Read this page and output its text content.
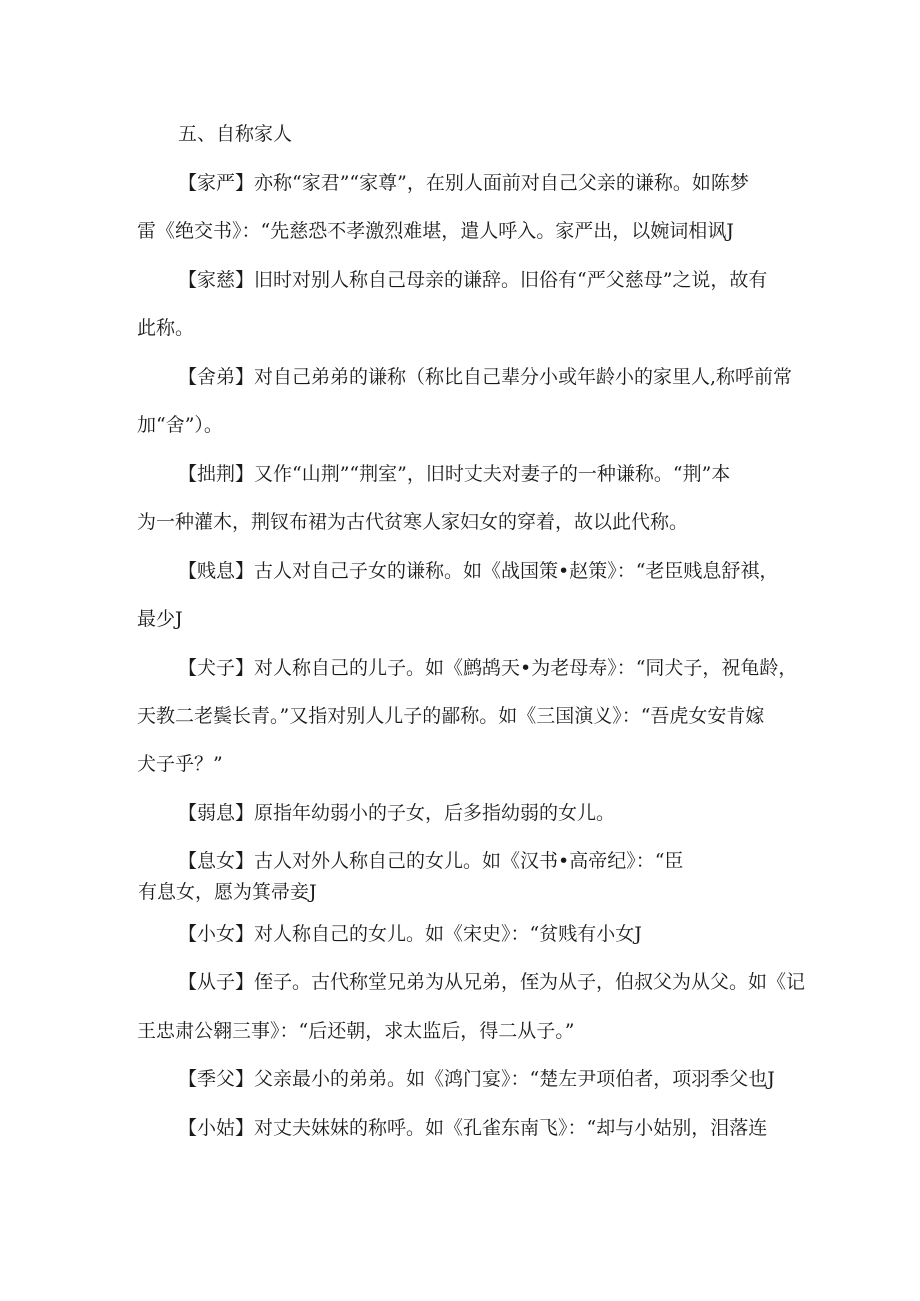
五、自称家人
【家严】亦称“家君”“家尊”，在别人面前对自己父亲的谦称。如陈梦
雷《绝交书》：“先慈恐不孝激烈难堪，遣人呼入。家严出，以婉词相讽J
【家慈】旧时对别人称自己母亲的谦辞。旧俗有“严父慈母”之说，故有
此称。
【舍弟】对自己弟弟的谦称（称比自己辈分小或年龄小的家里人,称呼前常
加“舍”）。
【拙荆】又作“山荆”“荆室”，旧时丈夫对妻子的一种谦称。“荆”本
为一种灌木，荆钗布裙为古代贫寒人家妇女的穿着，故以此代称。
【贱息】古人对自己子女的谦称。如《战国策•赵策》：“老臣贱息舒祺，
最少J
【犬子】对人称自己的儿子。如《鹧鸪天•为老母寿》：“同犬子，祝龟龄，
天教二老鬓长青。”又指对别人儿子的鄙称。如《三国演义》：“吾虎女安肯嫁
犬子乎？”
【弱息】原指年幼弱小的子女，后多指幼弱的女儿。
【息女】古人对外人称自己的女儿。如《汉书•高帝纪》：“臣
有息女，愿为箕帚妾J
【小女】对人称自己的女儿。如《宋史》：“贫贱有小女J
【从子】侄子。古代称堂兄弟为从兄弟，侄为从子，伯叔父为从父。如《记
王忠肃公翱三事》：“后还朝，求太监后，得二从子。”
【季父】父亲最小的弟弟。如《鸿门宴》：“楚左尹项伯者，项羽季父也J
【小姑】对丈夫妹妹的称呼。如《孔雀东南飞》：“却与小姑别，泪落连
